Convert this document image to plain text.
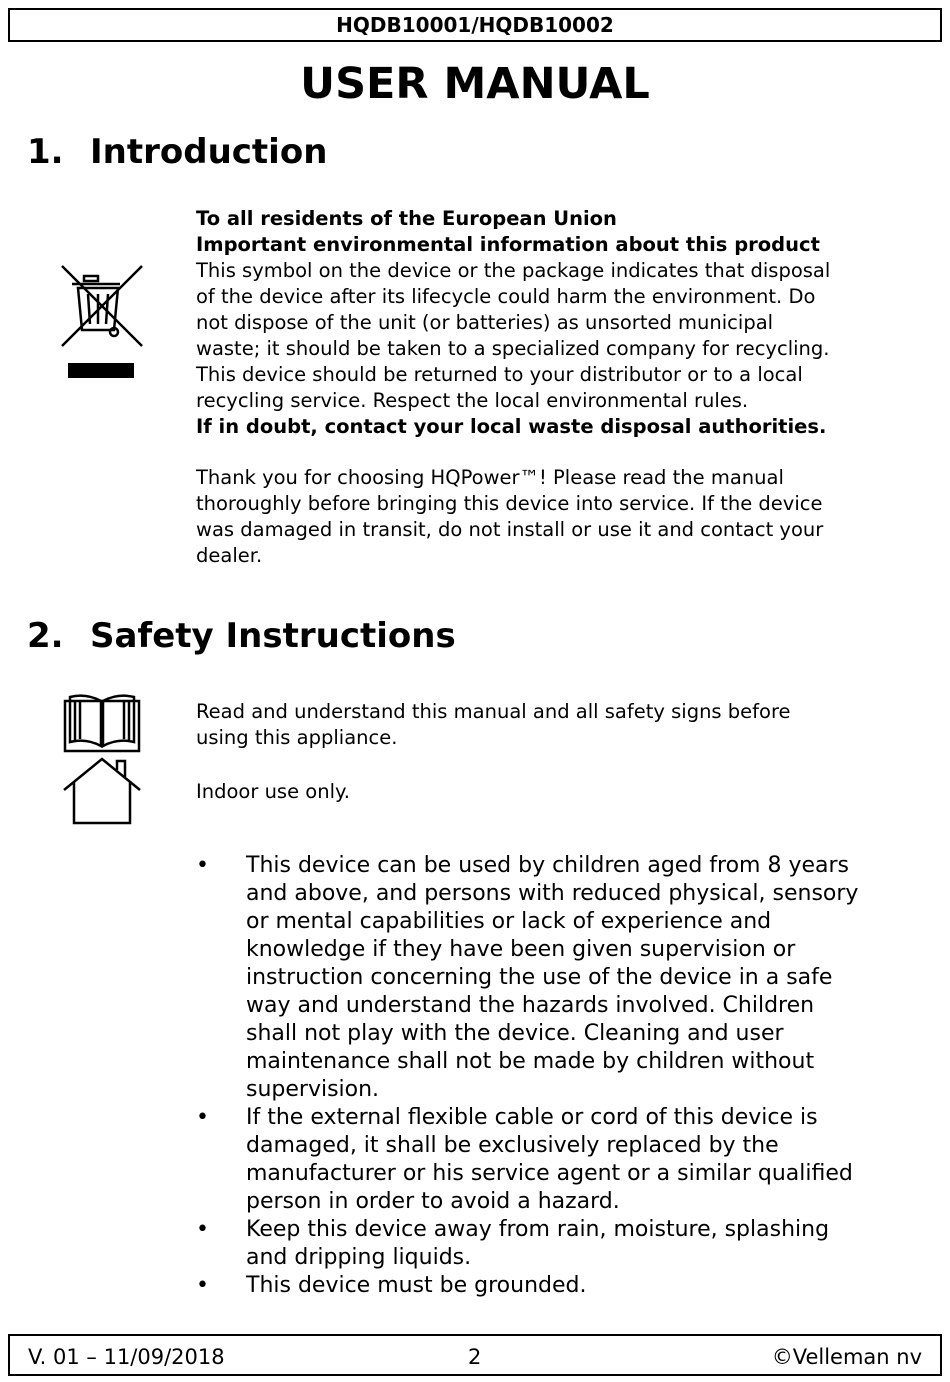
HQDB10001/HQDB10002
USER MANUAL
1. Introduction

To all residents of the European Union

Important environmental information about this product

This symbol on the device or the package indicates that disposal

of the device after its lifecycle could harm the environment. Do

not dispose of the unit (or batteries) as unsorted municipal

waste; it should be taken to a specialized company for recycling.

This device should be returned to your distributor or to a local

recycling service. Respect the local environmental rules.

If in doubt, contact your local waste disposal authorities.

Thank you for choosing HQPower™! Please read the manual

thoroughly before bringing this device into service. If the device

was damaged in transit, do not install or use it and contact your

dealer.

2. Safety Instructions

Read and understand this manual and all safety signs before

using this appliance.

Indoor use only.

• This device can be used by children aged from 8 years
and above, and persons with reduced physical, sensory
or mental capabilities or lack of experience and
knowledge if they have been given supervision or
instruction concerning the use of the device in a safe
way and understand the hazards involved. Children
shall not play with the device. Cleaning and user
maintenance shall not be made by children without
supervision.
• If the external flexible cable or cord of this device is
damaged, it shall be exclusively replaced by the
manufacturer or his service agent or a similar qualified
person in order to avoid a hazard.
• Keep this device away from rain, moisture, splashing
and dripping liquids.
• This device must be grounded.
V. 01 – 11/09/2018	2	©Velleman nv
